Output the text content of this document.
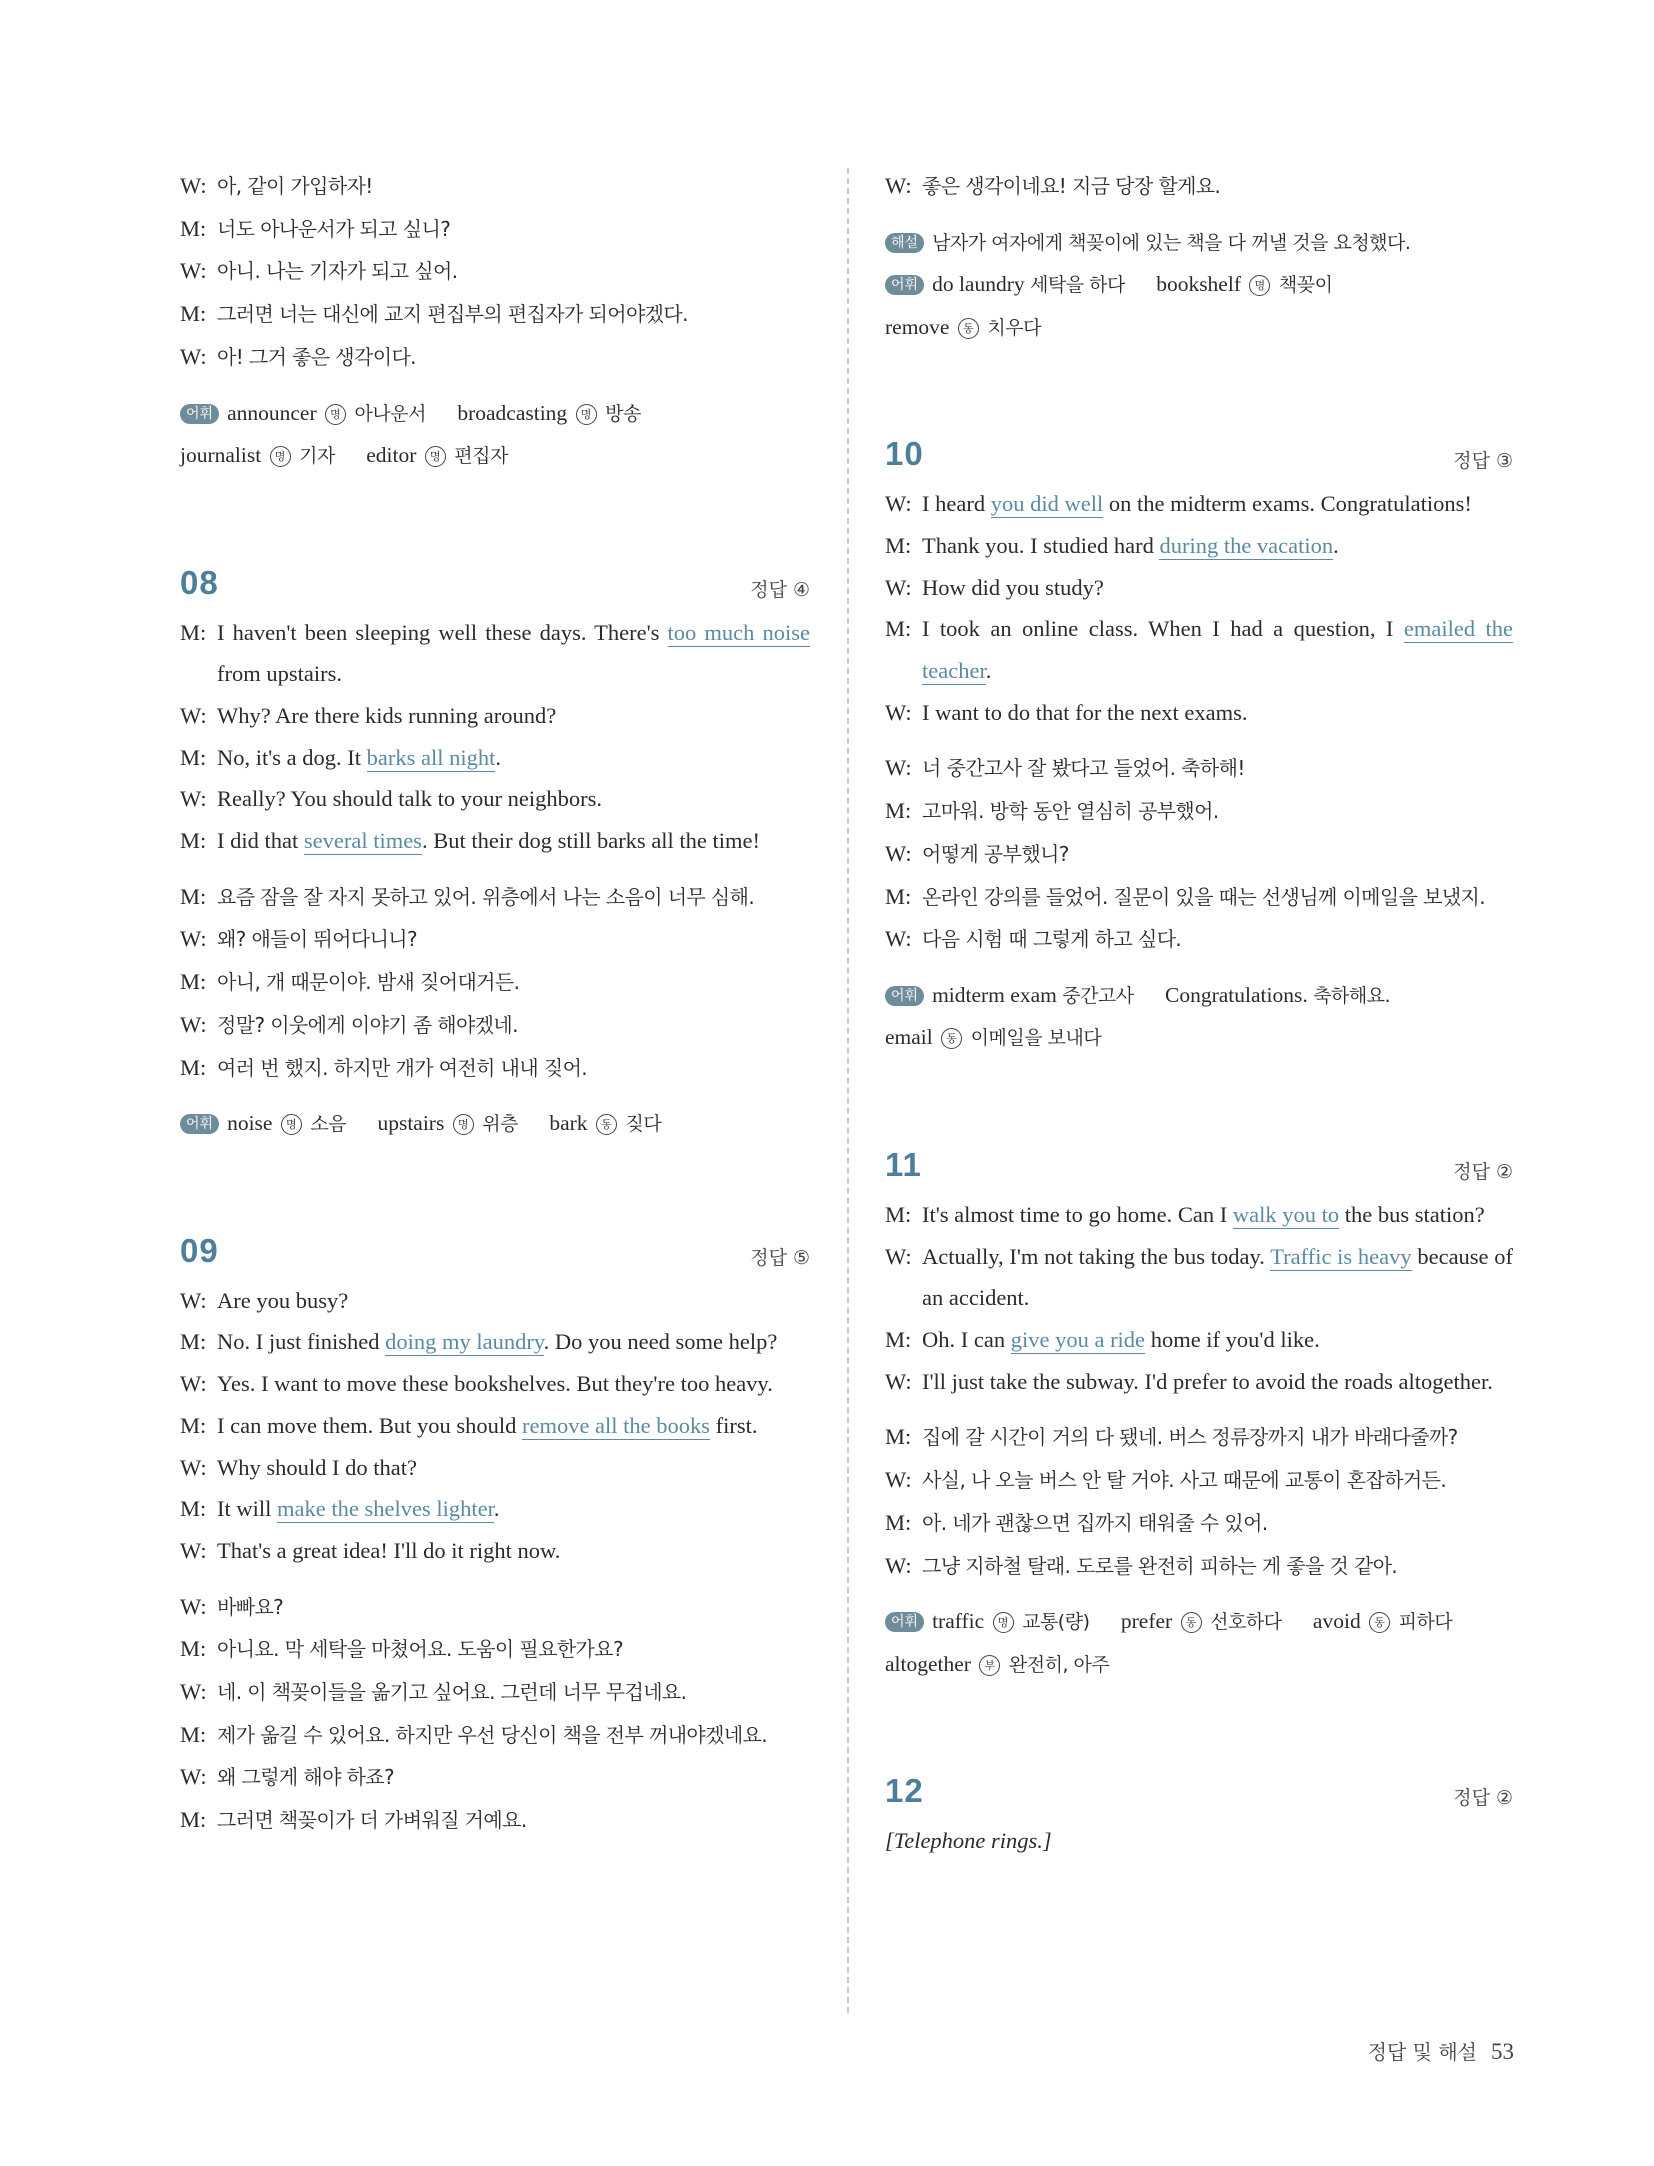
W: 아, 같이 가입하자!
M: 너도 아나운서가 되고 싶니?
W: 아니. 나는 기자가 되고 싶어.
M: 그러면 너는 대신에 교지 편집부의 편집자가 되어야겠다.
W: 아! 그거 좋은 생각이다.
어휘 announcer 명 아나운서 broadcasting 명 방송 journalist 명 기자 editor 명 편집자
08	정답 ④
M: I haven't been sleeping well these days. There's too much noise from upstairs.
W: Why? Are there kids running around?
M: No, it's a dog. It barks all night.
W: Really? You should talk to your neighbors.
M: I did that several times. But their dog still barks all the time!
M: 요즘 잠을 잘 자지 못하고 있어. 위층에서 나는 소음이 너무 심해.
W: 왜? 애들이 뛰어다니니?
M: 아니, 개 때문이야. 밤새 짖어대거든.
W: 정말? 이웃에게 이야기 좀 해야겠네.
M: 여러 번 했지. 하지만 개가 여전히 내내 짖어.
어휘 noise 명 소음 upstairs 명 위층 bark 동 짖다
09	정답 ⑤
W: Are you busy?
M: No. I just finished doing my laundry. Do you need some help?
W: Yes. I want to move these bookshelves. But they're too heavy.
M: I can move them. But you should remove all the books first.
W: Why should I do that?
M: It will make the shelves lighter.
W: That's a great idea! I'll do it right now.
W: 바빠요?
M: 아니요. 막 세탁을 마쳤어요. 도움이 필요한가요?
W: 네. 이 책꽂이들을 옮기고 싶어요. 그런데 너무 무겁네요.
M: 제가 옮길 수 있어요. 하지만 우선 당신이 책을 전부 꺼내야겠네요.
W: 왜 그렇게 해야 하죠?
M: 그러면 책꽂이가 더 가벼워질 거예요.
W: 좋은 생각이네요! 지금 당장 할게요.
해설 남자가 여자에게 책꽂이에 있는 책을 다 꺼낼 것을 요청했다.
어휘 do laundry 세탁을 하다 bookshelf 명 책꽂이 remove 동 치우다
10	정답 ③
W: I heard you did well on the midterm exams. Congratulations!
M: Thank you. I studied hard during the vacation.
W: How did you study?
M: I took an online class. When I had a question, I emailed the teacher.
W: I want to do that for the next exams.
W: 너 중간고사 잘 봤다고 들었어. 축하해!
M: 고마워. 방학 동안 열심히 공부했어.
W: 어떻게 공부했니?
M: 온라인 강의를 들었어. 질문이 있을 때는 선생님께 이메일을 보냈지.
W: 다음 시험 때 그렇게 하고 싶다.
어휘 midterm exam 중간고사 Congratulations. 축하해요. email 동 이메일을 보내다
11	정답 ②
M: It's almost time to go home. Can I walk you to the bus station?
W: Actually, I'm not taking the bus today. Traffic is heavy because of an accident.
M: Oh. I can give you a ride home if you'd like.
W: I'll just take the subway. I'd prefer to avoid the roads altogether.
M: 집에 갈 시간이 거의 다 됐네. 버스 정류장까지 내가 바래다줄까?
W: 사실, 나 오늘 버스 안 탈 거야. 사고 때문에 교통이 혼잡하거든.
M: 아. 네가 괜찮으면 집까지 태워줄 수 있어.
W: 그냥 지하철 탈래. 도로를 완전히 피하는 게 좋을 것 같아.
어휘 traffic 명 교통(량) prefer 동 선호하다 avoid 동 피하다 altogether 부 완전히, 아주
12	정답 ②
[Telephone rings.]
정답 및 해설 53
